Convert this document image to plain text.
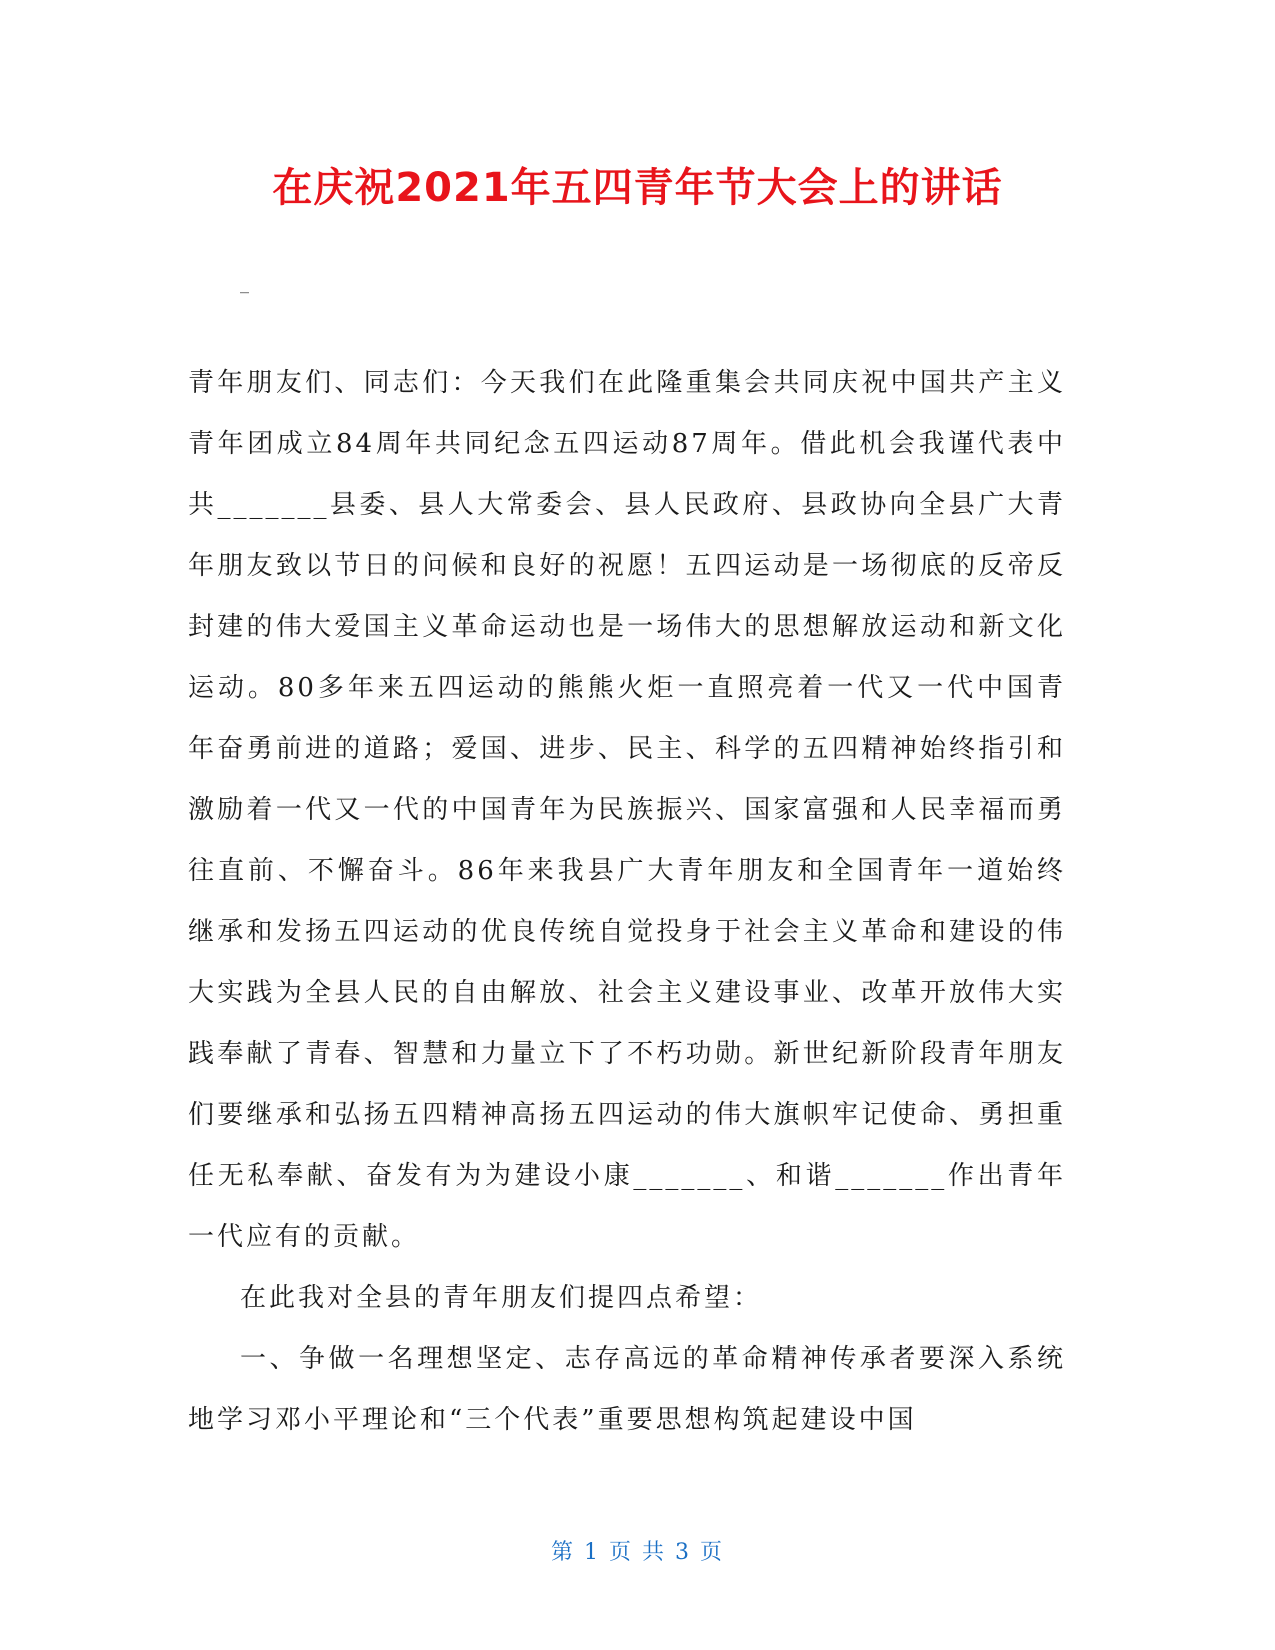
在庆祝2021年五四青年节大会上的讲话
_

青年朋友们、同志们：今天我们在此隆重集会共同庆祝中国共产主义青年团成立84周年共同纪念五四运动87周年。借此机会我谨代表中共_______县委、县人大常委会、县人民政府、县政协向全县广大青年朋友致以节日的问候和良好的祝愿！五四运动是一场彻底的反帝反封建的伟大爱国主义革命运动也是一场伟大的思想解放运动和新文化运动。80多年来五四运动的熊熊火炬一直照亮着一代又一代中国青年奋勇前进的道路；爱国、进步、民主、科学的五四精神始终指引和激励着一代又一代的中国青年为民族振兴、国家富强和人民幸福而勇往直前、不懈奋斗。86年来我县广大青年朋友和全国青年一道始终继承和发扬五四运动的优良传统自觉投身于社会主义革命和建设的伟大实践为全县人民的自由解放、社会主义建设事业、改革开放伟大实践奉献了青春、智慧和力量立下了不朽功勋。新世纪新阶段青年朋友们要继承和弘扬五四精神高扬五四运动的伟大旗帜牢记使命、勇担重任无私奉献、奋发有为为建设小康_______、和谐_______作出青年一代应有的贡献。

在此我对全县的青年朋友们提四点希望：

一、争做一名理想坚定、志存高远的革命精神传承者要深入系统地学习邓小平理论和“三个代表”重要思想构筑起建设中国

第 1 页 共 3 页
